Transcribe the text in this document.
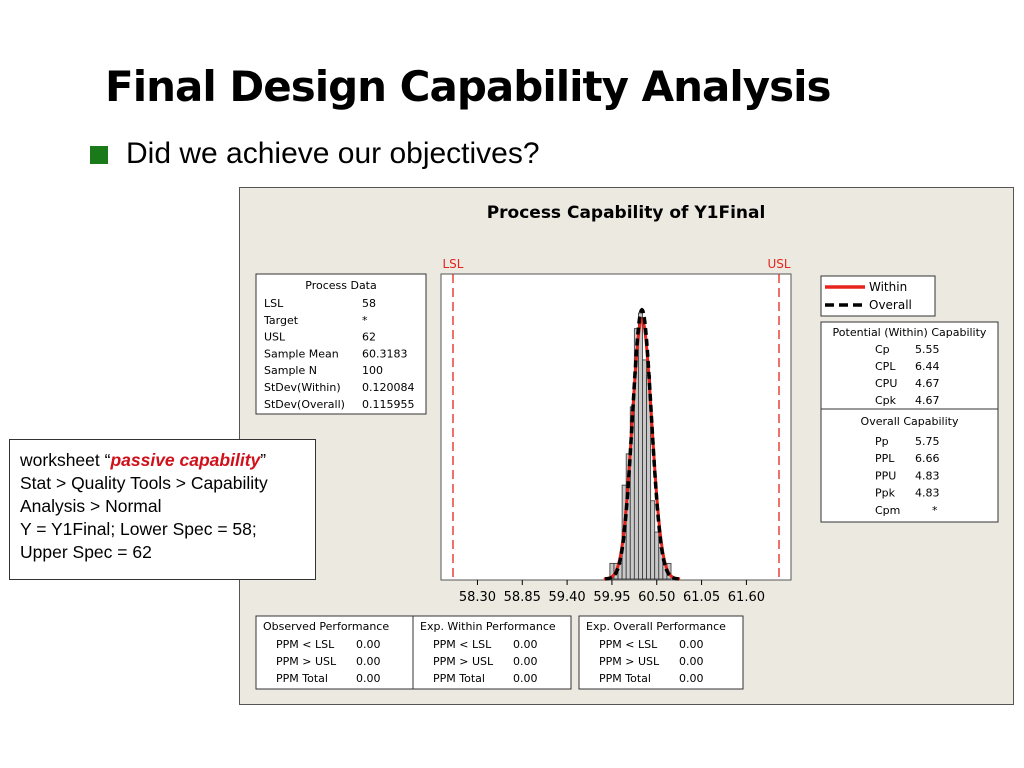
Final Design Capability Analysis
Did we achieve our objectives?
Process Capability of Y1Final
LSL	USL
58.30 58.85 59.40 59.95 60.50 61.05 61.60
Process Data
LSL	58
Target	*
USL	62
Sample Mean 60.3183
Sample N	100
StDev(Within) 0.120084
StDev(Overall) 0.115955
Within
Overall
Potential (Within) Capability
Cp 5.55
CPL 6.44
CPU 4.67
Cpk 4.67
Overall Capability
Pp 5.75
PPL 6.66
PPU 4.83
Ppk 4.83
Cpm	*
Observed Performance
PPM < LSL 0.00
PPM > USL 0.00
PPM Total	0.00
Exp. Within Performance
PPM < LSL 0.00
PPM > USL 0.00
PPM Total	0.00
Exp. Overall Performance
PPM < LSL 0.00
PPM > USL 0.00
PPM Total	0.00
worksheet “passive capability”
Stat > Quality Tools > Capability Analysis > Normal
Y = Y1Final; Lower Spec = 58; Upper Spec = 62
